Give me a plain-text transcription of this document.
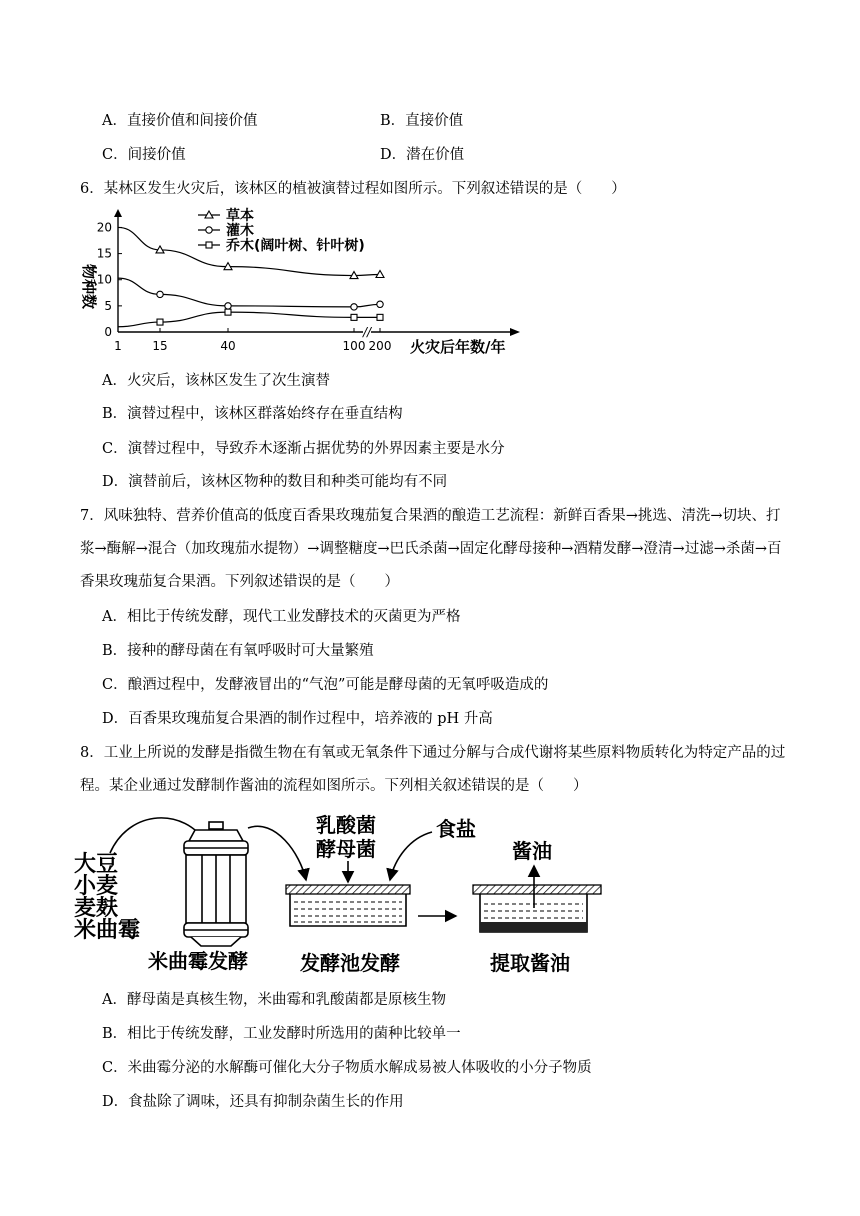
A．直接价值和间接价值	B．直接价值
C．间接价值	D．潜在价值
6．某林区发生火灾后，该林区的植被演替过程如图所示。下列叙述错误的是（　　）
//
0
5
10
15
20
1	15	40	100 200 火灾后年数/年
物种数
草本
灌木
乔木(阔叶树、针叶树)
A．火灾后，该林区发生了次生演替
B．演替过程中，该林区群落始终存在垂直结构
C．演替过程中，导致乔木逐渐占据优势的外界因素主要是水分
D．演替前后，该林区物种的数目和种类可能均有不同
7．风味独特、营养价值高的低度百香果玫瑰茄复合果酒的酿造工艺流程：新鲜百香果→挑选、清洗→切块、打浆→酶解→混合（加玫瑰茄水提物）→调整糖度→巴氏杀菌→固定化酵母接种→酒精发酵→澄清→过滤→杀菌→百香果玫瑰茄复合果酒。下列叙述错误的是（　　）
A．相比于传统发酵，现代工业发酵技术的灭菌更为严格
B．接种的酵母菌在有氧呼吸时可大量繁殖
C．酿酒过程中，发酵液冒出的“气泡”可能是酵母菌的无氧呼吸造成的
D．百香果玫瑰茄复合果酒的制作过程中，培养液的 pH 升高
8．工业上所说的发酵是指微生物在有氧或无氧条件下通过分解与合成代谢将某些原料物质转化为特定产品的过程。某企业通过发酵制作酱油的流程如图所示。下列相关叙述错误的是（　　）
大豆
小麦
麦麸
米曲霉
乳酸菌
酵母菌
食盐
酱油
米曲霉发酵	发酵池发酵	提取酱油
A．酵母菌是真核生物，米曲霉和乳酸菌都是原核生物
B．相比于传统发酵，工业发酵时所选用的菌种比较单一
C．米曲霉分泌的水解酶可催化大分子物质水解成易被人体吸收的小分子物质
D．食盐除了调味，还具有抑制杂菌生长的作用
